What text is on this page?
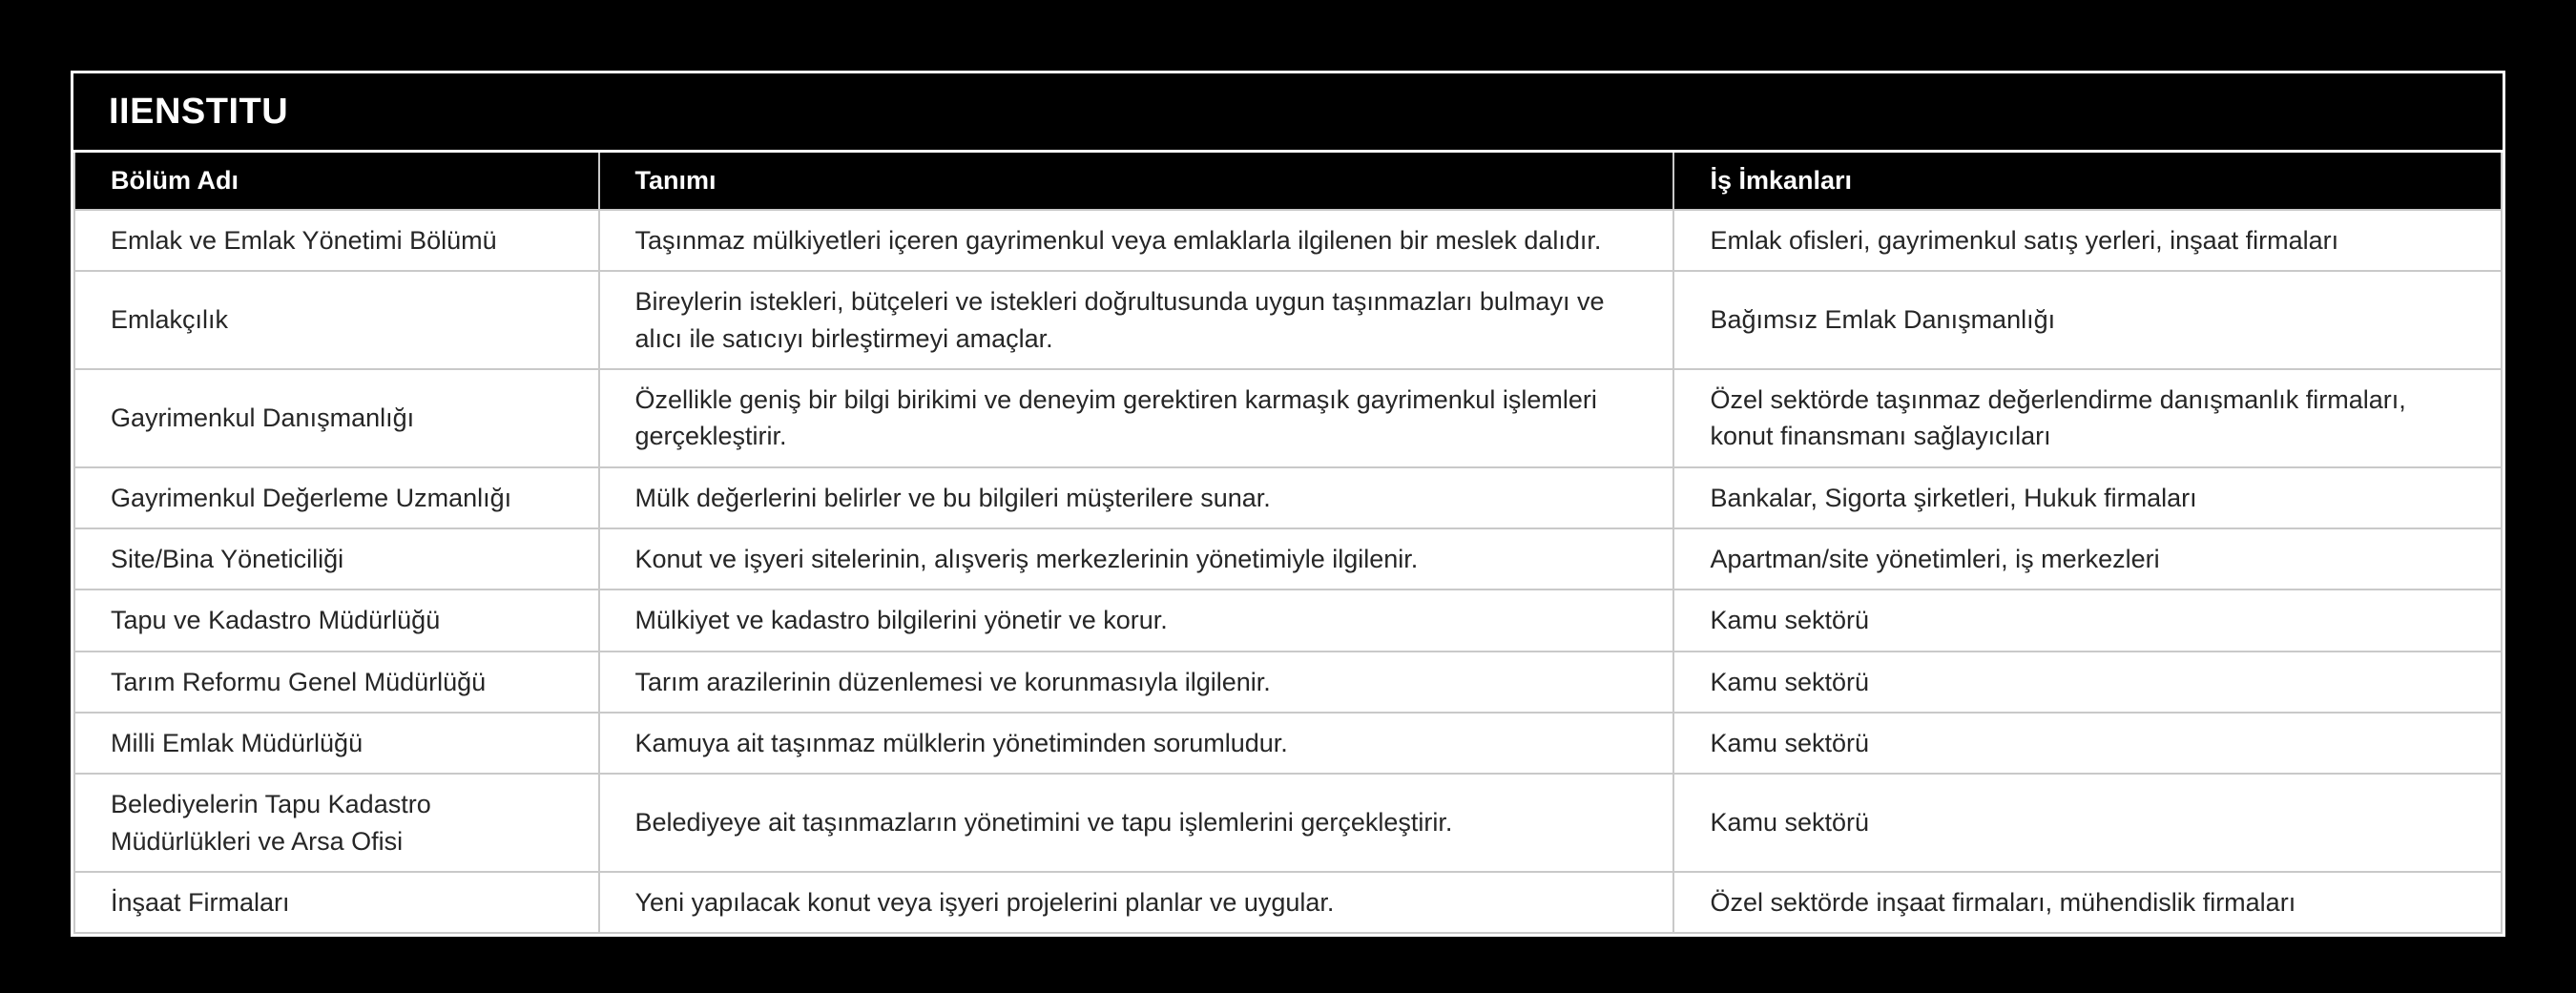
IIENSTITU
Bölüm Adı	Tanımı	İş İmkanları
Emlak ve Emlak Yönetimi Bölümü	Taşınmaz mülkiyetleri içeren gayrimenkul veya emlaklarla ilgilenen bir meslek dalıdır.	Emlak ofisleri, gayrimenkul satış yerleri, inşaat firmaları
Emlakçılık	Bireylerin istekleri, bütçeleri ve istekleri doğrultusunda uygun taşınmazları bulmayı ve alıcı ile satıcıyı birleştirmeyi amaçlar.	Bağımsız Emlak Danışmanlığı
Gayrimenkul Danışmanlığı	Özellikle geniş bir bilgi birikimi ve deneyim gerektiren karmaşık gayrimenkul işlemleri gerçekleştirir.	Özel sektörde taşınmaz değerlendirme danışmanlık firmaları, konut finansmanı sağlayıcıları
Gayrimenkul Değerleme Uzmanlığı	Mülk değerlerini belirler ve bu bilgileri müşterilere sunar.	Bankalar, Sigorta şirketleri, Hukuk firmaları
Site/Bina Yöneticiliği	Konut ve işyeri sitelerinin, alışveriş merkezlerinin yönetimiyle ilgilenir.	Apartman/site yönetimleri, iş merkezleri
Tapu ve Kadastro Müdürlüğü	Mülkiyet ve kadastro bilgilerini yönetir ve korur.	Kamu sektörü
Tarım Reformu Genel Müdürlüğü	Tarım arazilerinin düzenlemesi ve korunmasıyla ilgilenir.	Kamu sektörü
Milli Emlak Müdürlüğü	Kamuya ait taşınmaz mülklerin yönetiminden sorumludur.	Kamu sektörü
Belediyelerin Tapu Kadastro Müdürlükleri ve Arsa Ofisi	Belediyeye ait taşınmazların yönetimini ve tapu işlemlerini gerçekleştirir.	Kamu sektörü
İnşaat Firmaları	Yeni yapılacak konut veya işyeri projelerini planlar ve uygular.	Özel sektörde inşaat firmaları, mühendislik firmaları
